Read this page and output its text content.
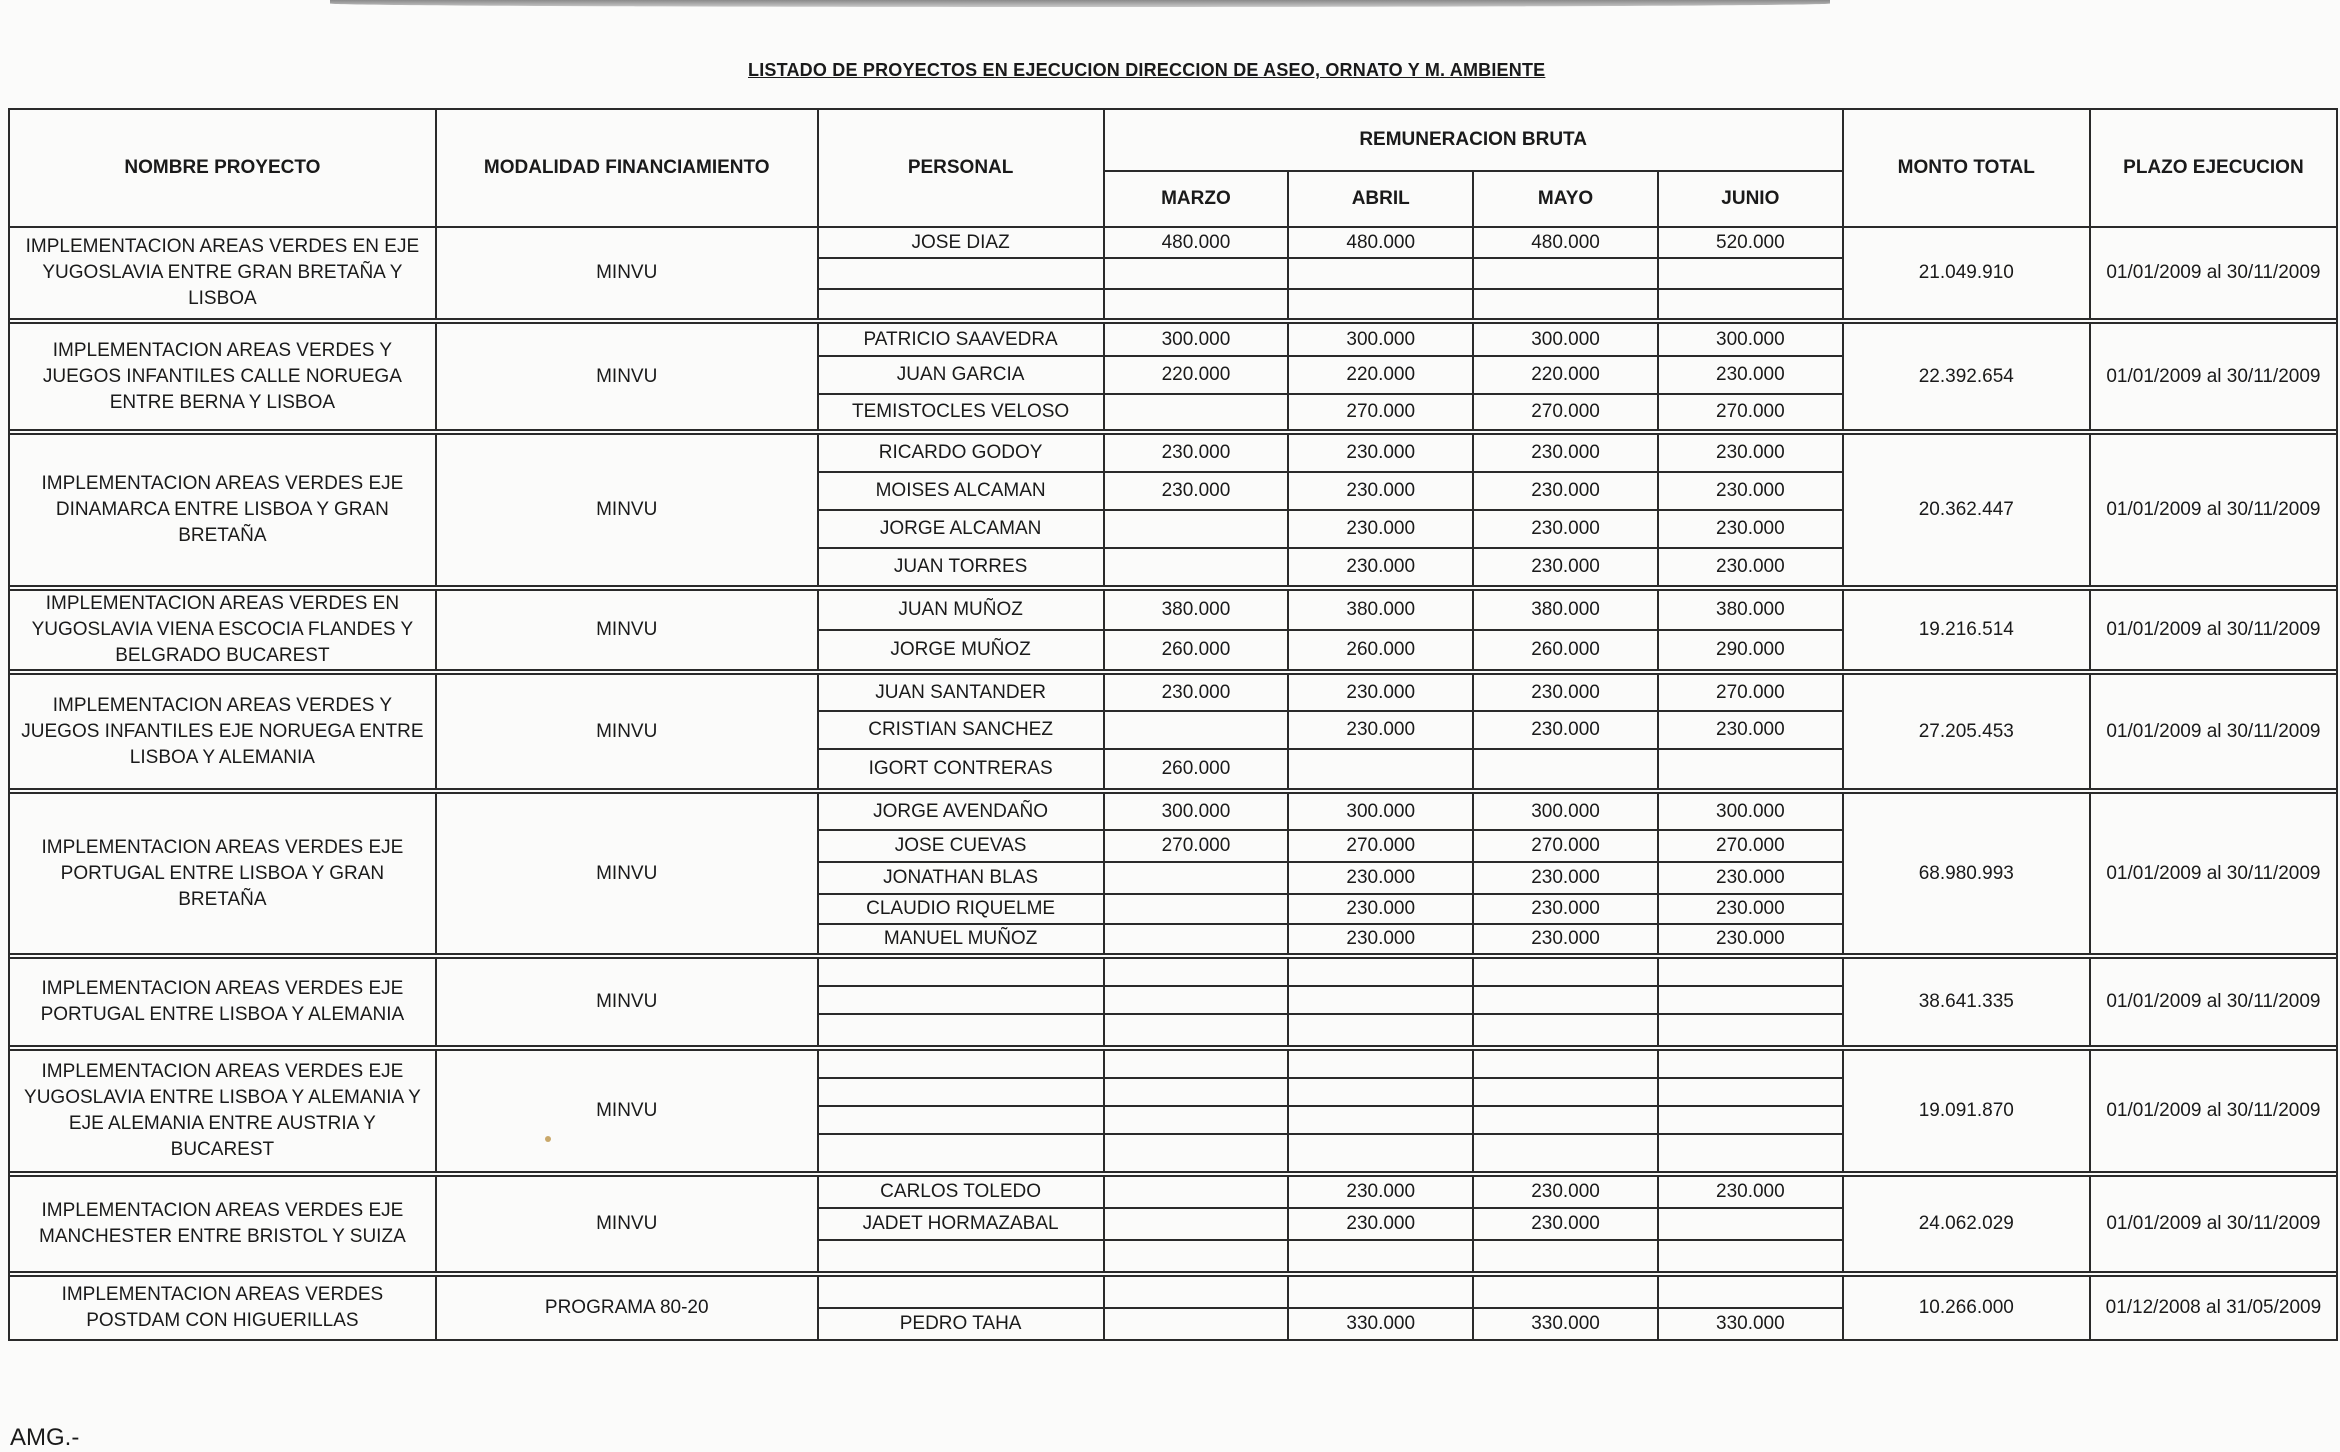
LISTADO DE PROYECTOS EN EJECUCION DIRECCION DE ASEO, ORNATO Y M. AMBIENTE
NOMBRE PROYECTO	MODALIDAD FINANCIAMIENTO	PERSONAL	REMUNERACION BRUTA				MONTO TOTAL	PLAZO EJECUCION
			MARZO	ABRIL	MAYO	JUNIO		
IMPLEMENTACION AREAS VERDES EN EJE YUGOSLAVIA ENTRE GRAN BRETAÑA Y LISBOA	MINVU	JOSE DIAZ	480.000	480.000	480.000	520.000	21.049.910	01/01/2009 al 30/11/2009

IMPLEMENTACION AREAS VERDES Y JUEGOS INFANTILES CALLE NORUEGA ENTRE BERNA Y LISBOA	MINVU	PATRICIO SAAVEDRA	300.000	300.000	300.000	300.000	22.392.654	01/01/2009 al 30/11/2009
		JUAN GARCIA	220.000	220.000	220.000	230.000		
		TEMISTOCLES VELOSO		270.000	270.000	270.000		

IMPLEMENTACION AREAS VERDES EJE DINAMARCA ENTRE LISBOA Y GRAN BRETAÑA	MINVU	RICARDO GODOY	230.000	230.000	230.000	230.000	20.362.447	01/01/2009 al 30/11/2009
		MOISES ALCAMAN	230.000	230.000	230.000	230.000		
		JORGE ALCAMAN		230.000	230.000	230.000		
		JUAN TORRES		230.000	230.000	230.000		

IMPLEMENTACION AREAS VERDES EN YUGOSLAVIA VIENA ESCOCIA FLANDES Y BELGRADO BUCAREST	MINVU	JUAN MUÑOZ	380.000	380.000	380.000	380.000	19.216.514	01/01/2009 al 30/11/2009
		JORGE MUÑOZ	260.000	260.000	260.000	290.000		

IMPLEMENTACION AREAS VERDES Y JUEGOS INFANTILES EJE NORUEGA ENTRE LISBOA Y ALEMANIA	MINVU	JUAN SANTANDER	230.000	230.000	230.000	270.000	27.205.453	01/01/2009 al 30/11/2009
		CRISTIAN SANCHEZ		230.000	230.000	230.000		
		IGORT CONTRERAS	260.000					

IMPLEMENTACION AREAS VERDES EJE PORTUGAL ENTRE LISBOA Y GRAN BRETAÑA	MINVU	JORGE AVENDAÑO	300.000	300.000	300.000	300.000	68.980.993	01/01/2009 al 30/11/2009
		JOSE CUEVAS	270.000	270.000	270.000	270.000		
		JONATHAN BLAS		230.000	230.000	230.000		
		CLAUDIO RIQUELME		230.000	230.000	230.000		
		MANUEL MUÑOZ		230.000	230.000	230.000		

IMPLEMENTACION AREAS VERDES EJE PORTUGAL ENTRE LISBOA Y ALEMANIA	MINVU						38.641.335	01/01/2009 al 30/11/2009

IMPLEMENTACION AREAS VERDES EJE YUGOSLAVIA ENTRE LISBOA Y ALEMANIA Y EJE ALEMANIA ENTRE AUSTRIA Y BUCAREST	MINVU						19.091.870	01/01/2009 al 30/11/2009

IMPLEMENTACION AREAS VERDES EJE MANCHESTER ENTRE BRISTOL Y SUIZA	MINVU	CARLOS TOLEDO		230.000	230.000	230.000	24.062.029	01/01/2009 al 30/11/2009
		JADET HORMAZABAL		230.000	230.000			

IMPLEMENTACION AREAS VERDES POSTDAM CON HIGUERILLAS	PROGRAMA 80-20						10.266.000	01/12/2008 al 31/05/2009
		PEDRO TAHA		330.000	330.000	330.000		
AMG.-
